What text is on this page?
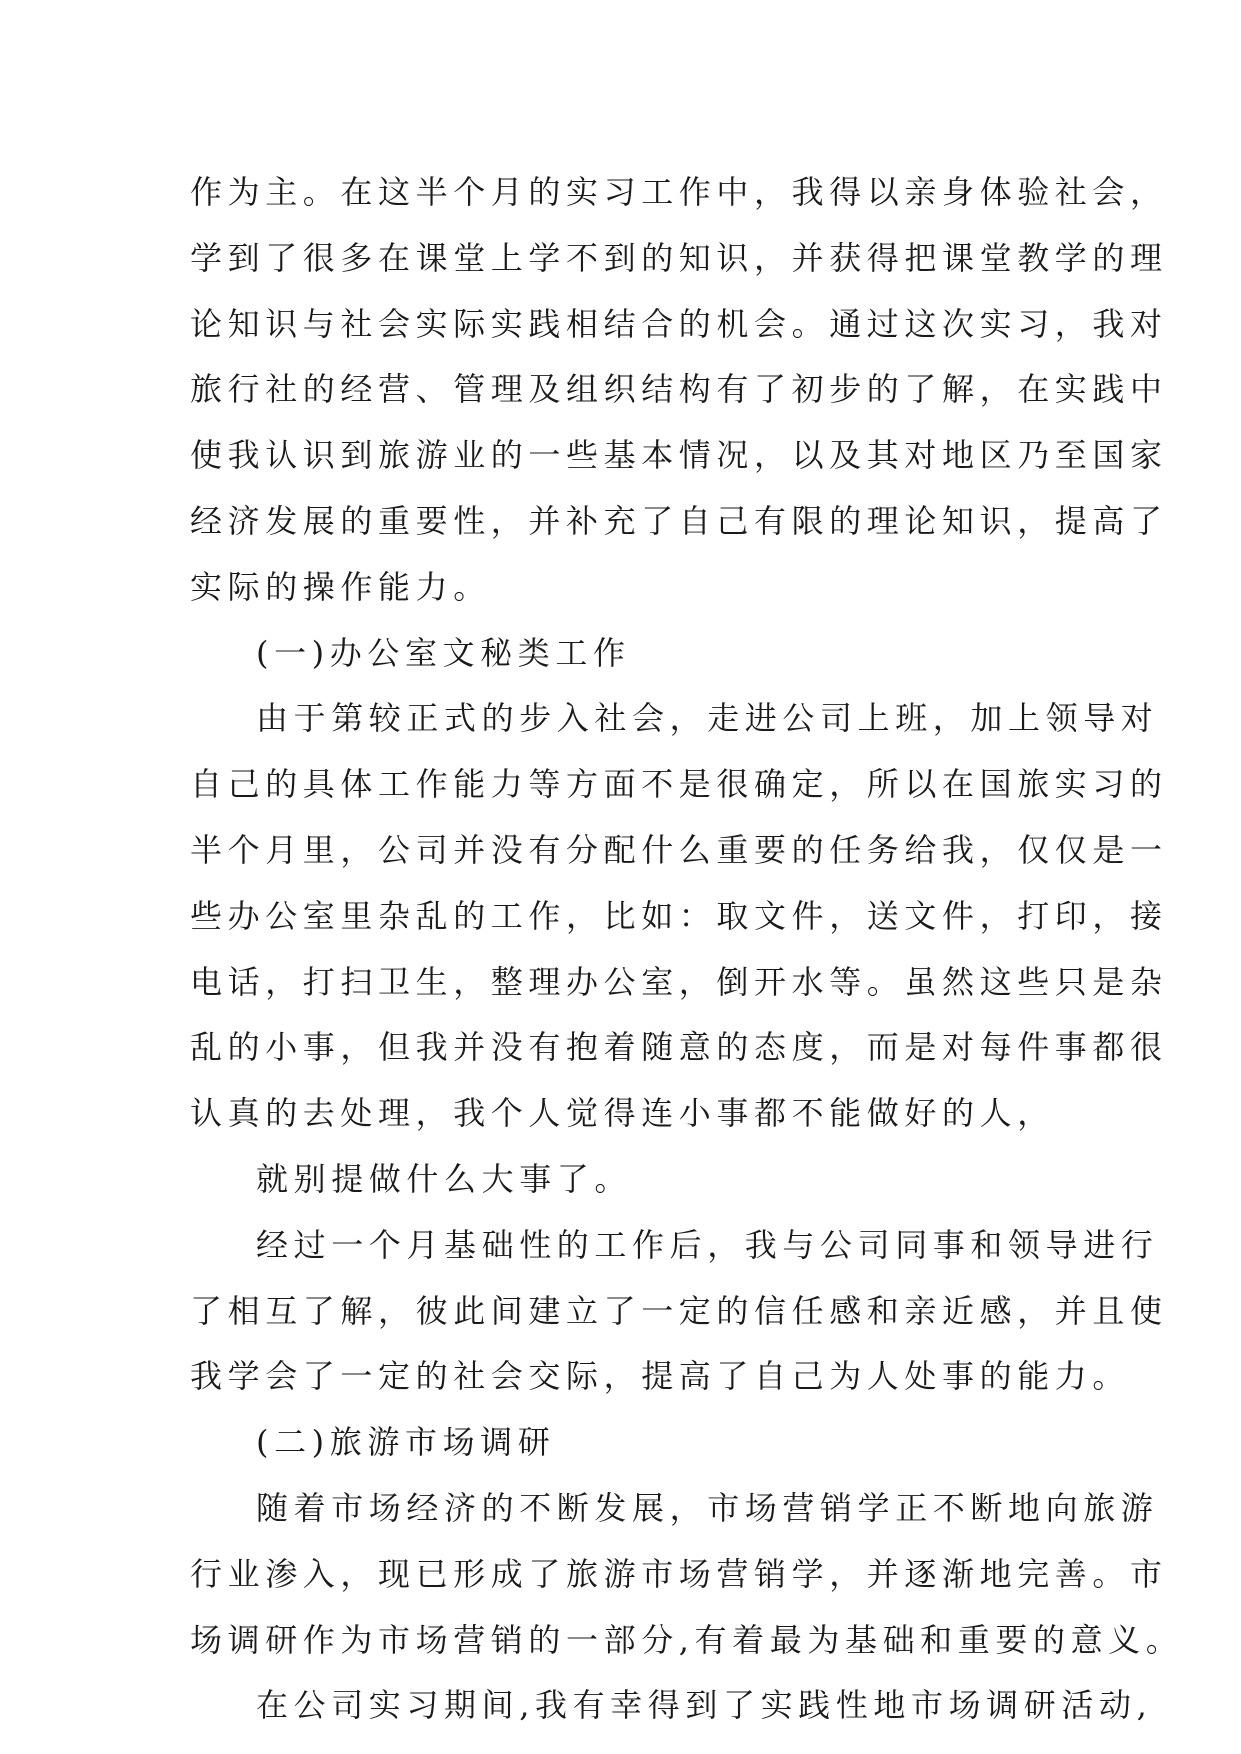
作为主。在这半个月的实习工作中，我得以亲身体验社会，
学到了很多在课堂上学不到的知识，并获得把课堂教学的理
论知识与社会实际实践相结合的机会。通过这次实习，我对
旅行社的经营、管理及组织结构有了初步的了解，在实践中
使我认识到旅游业的一些基本情况，以及其对地区乃至国家
经济发展的重要性，并补充了自己有限的理论知识，提高了
实际的操作能力。
(一)办公室文秘类工作
由于第较正式的步入社会，走进公司上班，加上领导对
自己的具体工作能力等方面不是很确定，所以在国旅实习的
半个月里，公司并没有分配什么重要的任务给我，仅仅是一
些办公室里杂乱的工作，比如：取文件，送文件，打印，接
电话，打扫卫生，整理办公室，倒开水等。虽然这些只是杂
乱的小事，但我并没有抱着随意的态度，而是对每件事都很
认真的去处理，我个人觉得连小事都不能做好的人，
就别提做什么大事了。
经过一个月基础性的工作后，我与公司同事和领导进行
了相互了解，彼此间建立了一定的信任感和亲近感，并且使
我学会了一定的社会交际，提高了自己为人处事的能力。
(二)旅游市场调研
随着市场经济的不断发展，市场营销学正不断地向旅游
行业渗入，现已形成了旅游市场营销学，并逐渐地完善。市
场调研作为市场营销的一部分,有着最为基础和重要的意义。
在公司实习期间,我有幸得到了实践性地市场调研活动,
